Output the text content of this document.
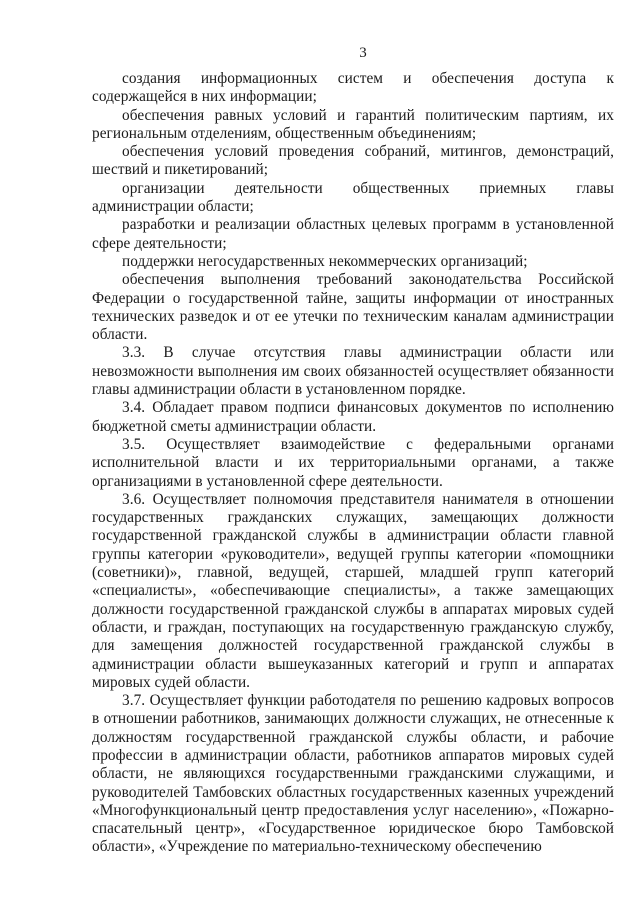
3

создания информационных систем и обеспечения доступа к содержащейся в них информации;

обеспечения равных условий и гарантий политическим партиям, их региональным отделениям, общественным объединениям;

обеспечения условий проведения собраний, митингов, демонстраций, шествий и пикетирований;

организации деятельности общественных приемных главы администрации области;

разработки и реализации областных целевых программ в установленной сфере деятельности;

поддержки негосударственных некоммерческих организаций;

обеспечения выполнения требований законодательства Российской Федерации о государственной тайне, защиты информации от иностранных технических разведок и от ее утечки по техническим каналам администрации области.

3.3. В случае отсутствия главы администрации области или невозможности выполнения им своих обязанностей осуществляет обязанности главы администрации области в установленном порядке.

3.4. Обладает правом подписи финансовых документов по исполнению бюджетной сметы администрации области.

3.5. Осуществляет взаимодействие с федеральными органами исполнительной власти и их территориальными органами, а также организациями в установленной сфере деятельности.

3.6. Осуществляет полномочия представителя нанимателя в отношении государственных гражданских служащих, замещающих должности государственной гражданской службы в администрации области главной группы категории «руководители», ведущей группы категории «помощники (советники)», главной, ведущей, старшей, младшей групп категорий «специалисты», «обеспечивающие специалисты», а также замещающих должности государственной гражданской службы в аппаратах мировых судей области, и граждан, поступающих на государственную гражданскую службу, для замещения должностей государственной гражданской службы в администрации области вышеуказанных категорий и групп и аппаратах мировых судей области.

3.7. Осуществляет функции работодателя по решению кадровых вопросов в отношении работников, занимающих должности служащих, не отнесенные к должностям государственной гражданской службы области, и рабочие профессии в администрации области, работников аппаратов мировых судей области, не являющихся государственными гражданскими служащими, и руководителей Тамбовских областных государственных казенных учреждений «Многофункциональный центр предоставления услуг населению», «Пожарно-спасательный центр», «Государственное юридическое бюро Тамбовской области», «Учреждение по материально-техническому обеспечению
